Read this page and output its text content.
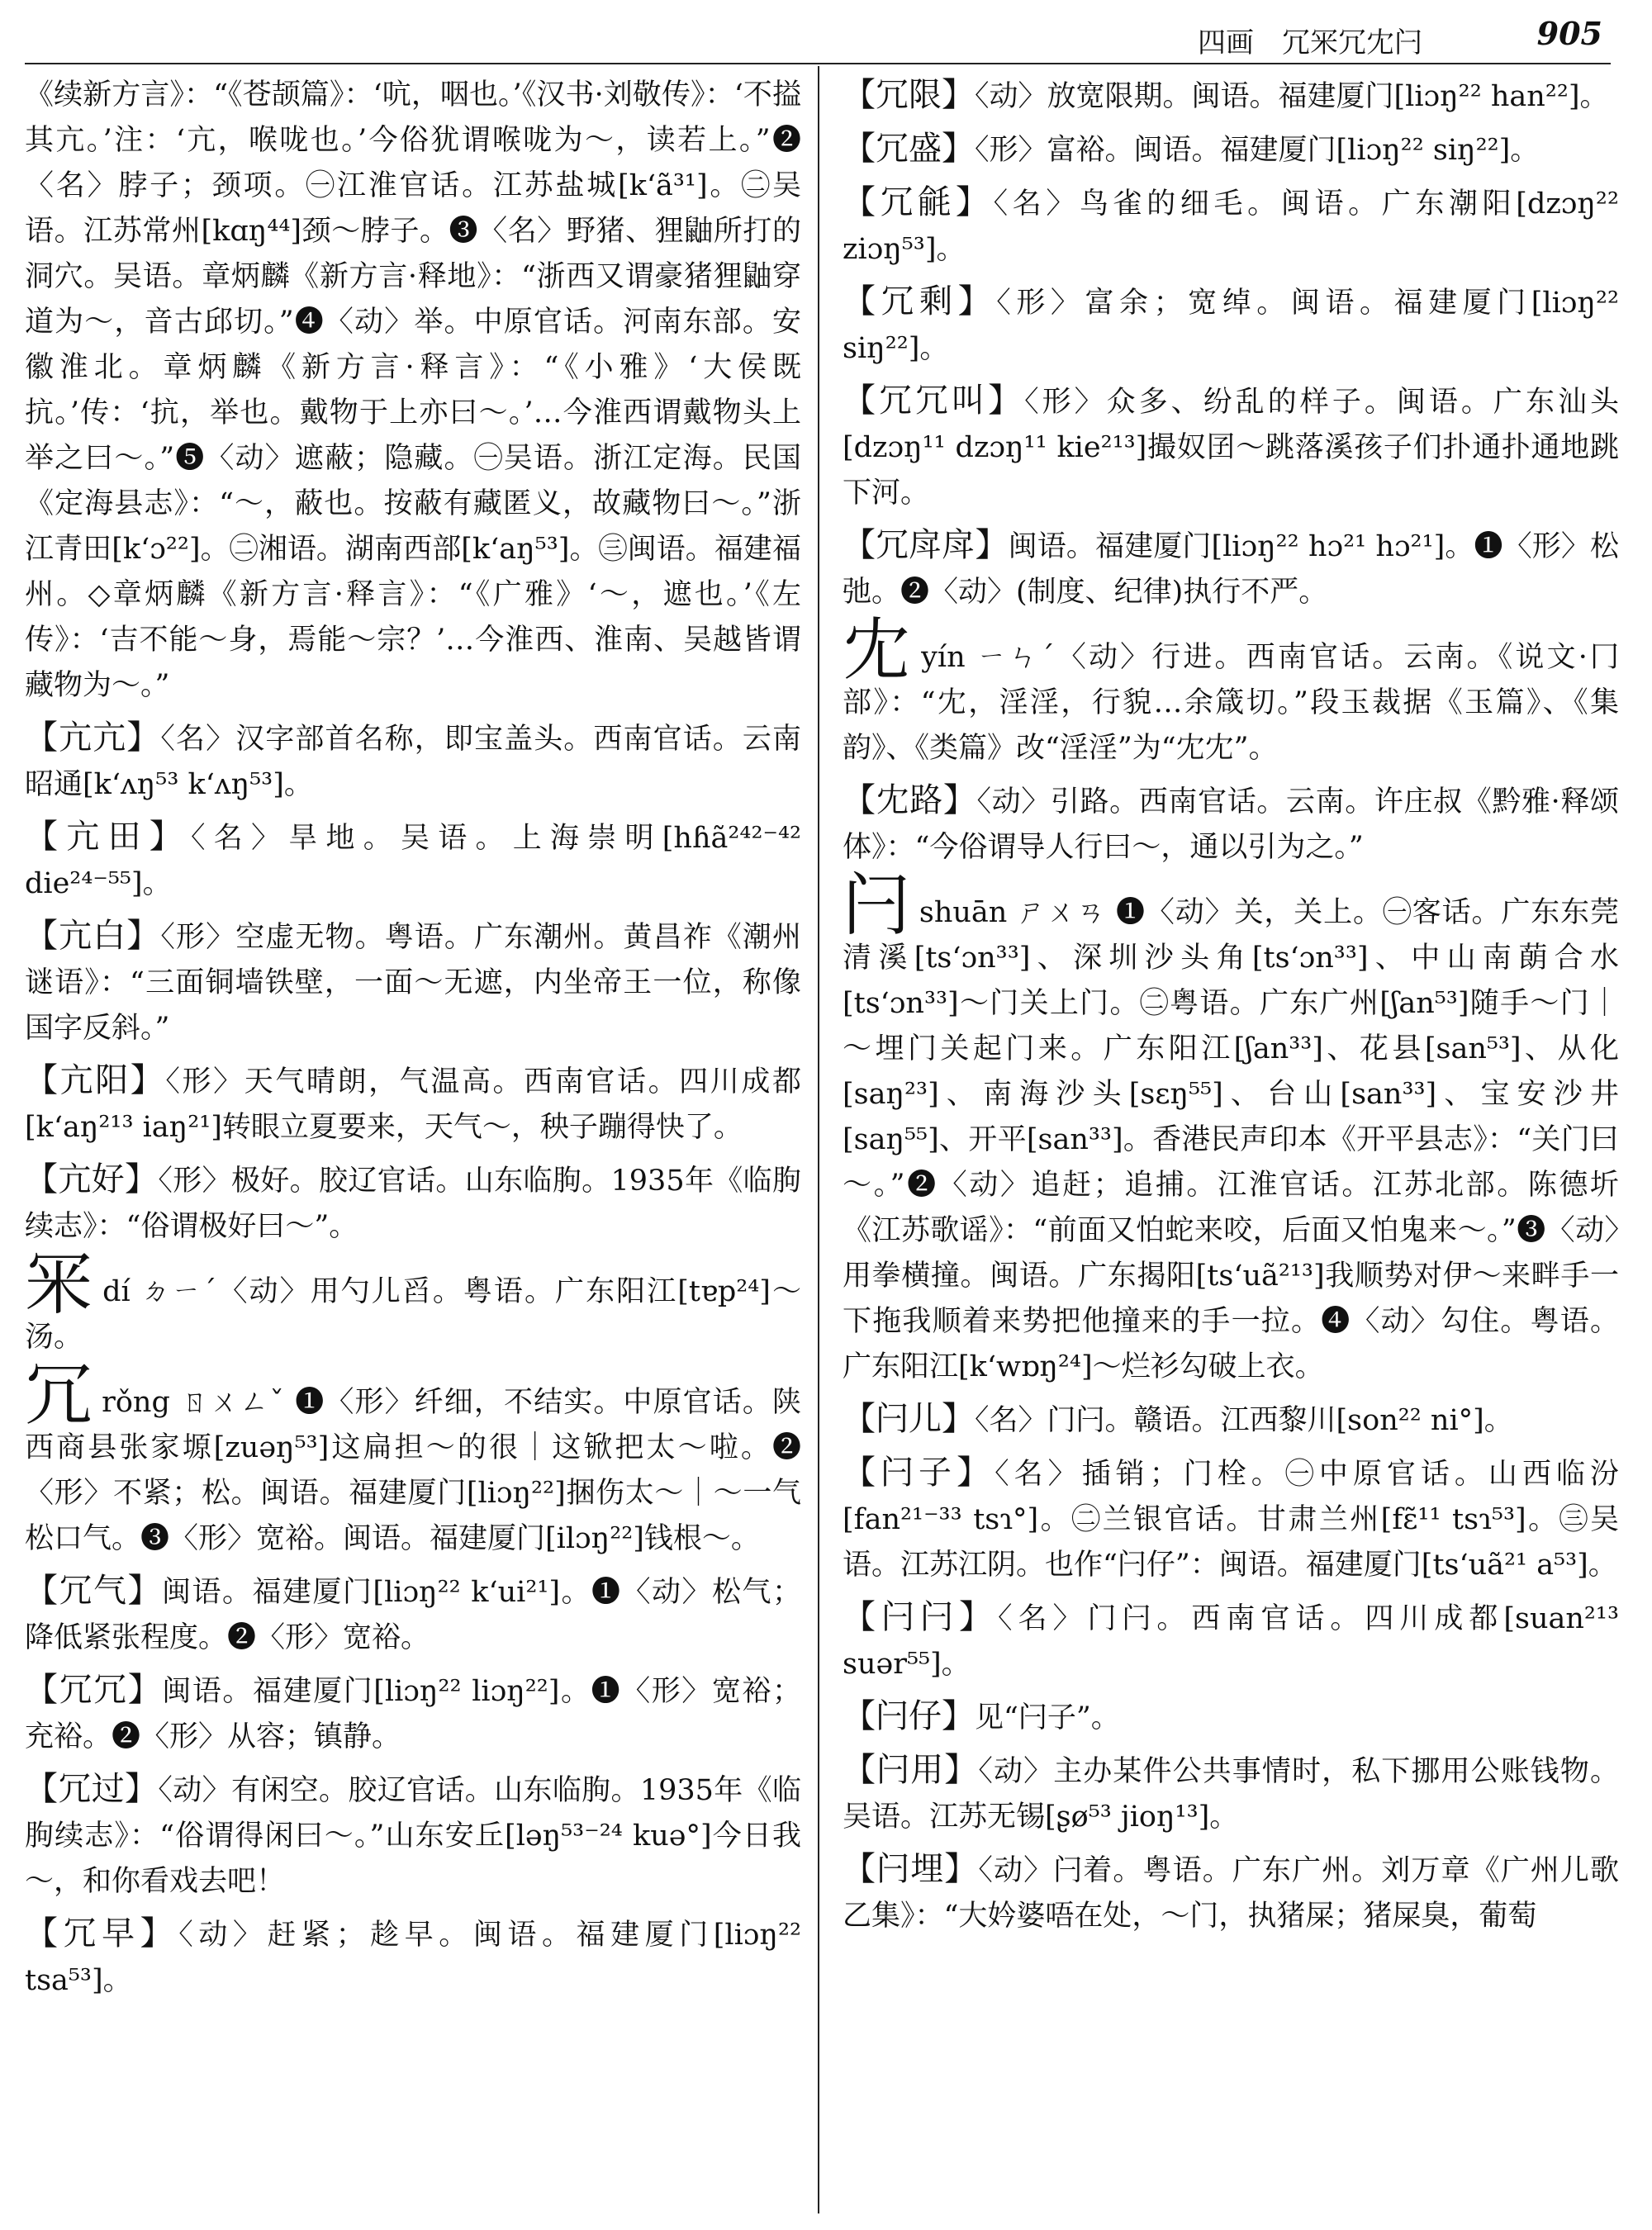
四画　冗冞冗冘闩	905

《续新方言》：“《苍颉篇》：‘吭，咽也。’《汉书·刘敬传》：‘不搤其亢。’注：‘亢，喉咙也。’今俗犹谓喉咙为～，读若上。”❷〈名〉脖子；颈项。㊀江淮官话。江苏盐城[kʻã³¹]。㊁吴语。江苏常州[kɑŋ⁴⁴]颈～脖子。❸〈名〉野猪、狸鼬所打的洞穴。吴语。章炳麟《新方言·释地》：“浙西又谓豪猪狸鼬穿道为～，音古邱切。”❹〈动〉举。中原官话。河南东部。安徽淮北。章炳麟《新方言·释言》：“《小雅》‘大侯既抗。’传：‘抗，举也。戴物于上亦曰～。’…今淮西谓戴物头上举之曰～。”❺〈动〉遮蔽；隐藏。㊀吴语。浙江定海。民国《定海县志》：“～，蔽也。按蔽有藏匿义，故藏物曰～。”浙江青田[kʻɔ²²]。㊁湘语。湖南西部[kʻaŋ⁵³]。㊂闽语。福建福州。◇章炳麟《新方言·释言》：“《广雅》‘～，遮也。’《左传》：‘吉不能～身，焉能～宗？’…今淮西、淮南、吴越皆谓藏物为～。”

【亢亢】〈名〉汉字部首名称，即宝盖头。西南官话。云南昭通[kʻʌŋ⁵³ kʻʌŋ⁵³]。

【亢田】〈名〉旱地。吴语。上海崇明[hɦã²⁴²⁻⁴² die²⁴⁻⁵⁵]。

【亢白】〈形〉空虚无物。粤语。广东潮州。黄昌祚《潮州谜语》：“三面铜墙铁壁，一面～无遮，内坐帝王一位，称像国字反斜。”

【亢阳】〈形〉天气晴朗，气温高。西南官话。四川成都[kʻaŋ²¹³ iaŋ²¹]转眼立夏要来，天气～，秧子蹦得快了。

【亢好】〈形〉极好。胶辽官话。山东临朐。1935年《临朐续志》：“俗谓极好曰～”。

冞dí ㄉㄧˊ〈动〉用勺儿舀。粤语。广东阳江[tɐp²⁴]～汤。

冗rǒng ㄖㄨㄥˇ ❶〈形〉纤细，不结实。中原官话。陕西商县张家塬[zuəŋ⁵³]这扁担～的很｜这锨把太～啦。❷〈形〉不紧；松。闽语。福建厦门[liɔŋ²²]捆伤太～｜～一气松口气。❸〈形〉宽裕。闽语。福建厦门[ilɔŋ²²]钱根～。

【冗气】闽语。福建厦门[liɔŋ²² kʻui²¹]。❶〈动〉松气；降低紧张程度。❷〈形〉宽裕。

【冗冗】闽语。福建厦门[liɔŋ²² liɔŋ²²]。❶〈形〉宽裕；充裕。❷〈形〉从容；镇静。

【冗过】〈动〉有闲空。胶辽官话。山东临朐。1935年《临朐续志》：“俗谓得闲曰～。”山东安丘[ləŋ⁵³⁻²⁴ kuə°]今日我～，和你看戏去吧！

【冗早】〈动〉赶紧；趁早。闽语。福建厦门[liɔŋ²² tsa⁵³]。

【冗限】〈动〉放宽限期。闽语。福建厦门[liɔŋ²² han²²]。

【冗盛】〈形〉富裕。闽语。福建厦门[liɔŋ²² siŋ²²]。

【冗毹】〈名〉鸟雀的细毛。闽语。广东潮阳[dzɔŋ²² ziɔŋ⁵³]。

【冗剩】〈形〉富余；宽绰。闽语。福建厦门[liɔŋ²² siŋ²²]。

【冗冗叫】〈形〉众多、纷乱的样子。闽语。广东汕头[dzɔŋ¹¹ dzɔŋ¹¹ kie²¹³]撮奴囝～跳落溪孩子们扑通扑通地跳下河。

【冗戽戽】闽语。福建厦门[liɔŋ²² hɔ²¹ hɔ²¹]。❶〈形〉松弛。❷〈动〉(制度、纪律)执行不严。

冘yín ㄧㄣˊ〈动〉行进。西南官话。云南。《说文·冂部》：“冘，淫淫，行貌…余箴切。”段玉裁据《玉篇》、《集韵》、《类篇》改“淫淫”为“冘冘”。

【冘路】〈动〉引路。西南官话。云南。许庄叔《黔雅·释颂体》：“今俗谓导人行曰～，通以引为之。”

闩shuān ㄕㄨㄢ ❶〈动〉关，关上。㊀客话。广东东莞清溪[tsʻɔn³³]、深圳沙头角[tsʻɔn³³]、中山南蓢合水[tsʻɔn³³]～门关上门。㊁粤语。广东广州[ʃan⁵³]随手～门｜～埋门关起门来。广东阳江[ʃan³³]、花县[san⁵³]、从化[saŋ²³]、南海沙头[sɛŋ⁵⁵]、台山[san³³]、宝安沙井[saŋ⁵⁵]、开平[san³³]。香港民声印本《开平县志》：“关门曰～。”❷〈动〉追赶；追捕。江淮官话。江苏北部。陈德圻《江苏歌谣》：“前面又怕蛇来咬，后面又怕鬼来～。”❸〈动〉用拳横撞。闽语。广东揭阳[tsʻuã²¹³]我顺势对伊～来畔手一下拖我顺着来势把他撞来的手一拉。❹〈动〉勾住。粤语。广东阳江[kʻwɒŋ²⁴]～烂衫勾破上衣。

【闩儿】〈名〉门闩。赣语。江西黎川[son²² ni°]。

【闩子】〈名〉插销；门栓。㊀中原官话。山西临汾[fan²¹⁻³³ tsɿ°]。㊁兰银官话。甘肃兰州[fɛ̃¹¹ tsɿ⁵³]。㊂吴语。江苏江阴。也作“闩仔”：闽语。福建厦门[tsʻuã²¹ a⁵³]。

【闩闩】〈名〉门闩。西南官话。四川成都[suan²¹³ suər⁵⁵]。

【闩仔】见“闩子”。

【闩用】〈动〉主办某件公共事情时，私下挪用公账钱物。吴语。江苏无锡[ʂø⁵³ jioŋ¹³]。

【闩埋】〈动〉闩着。粤语。广东广州。刘万章《广州儿歌乙集》：“大妗婆唔在处，～门，执猪屎；猪屎臭，葡萄
